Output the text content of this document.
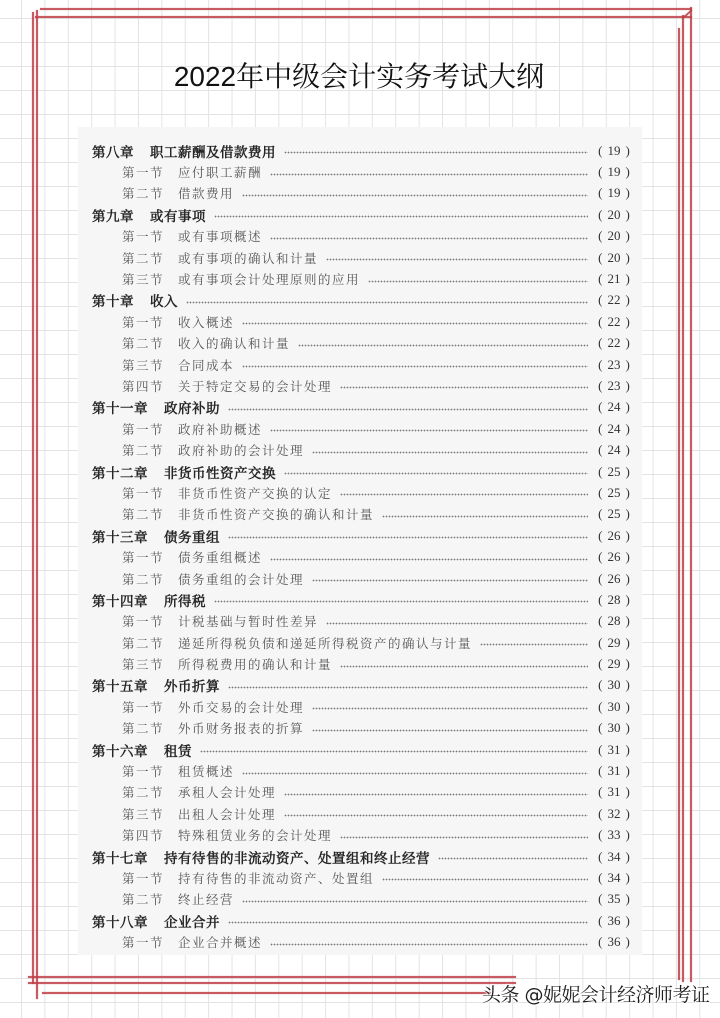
2022年中级会计实务考试大纲
第八章 职工薪酬及借款费用	( 19 )
第一节 应付职工薪酬	( 19 )
第二节 借款费用	( 19 )
第九章 或有事项	( 20 )
第一节 或有事项概述	( 20 )
第二节 或有事项的确认和计量	( 20 )
第三节 或有事项会计处理原则的应用	( 21 )
第十章 收入	( 22 )
第一节 收入概述	( 22 )
第二节 收入的确认和计量	( 22 )
第三节 合同成本	( 23 )
第四节 关于特定交易的会计处理	( 23 )
第十一章 政府补助	( 24 )
第一节 政府补助概述	( 24 )
第二节 政府补助的会计处理	( 24 )
第十二章 非货币性资产交换	( 25 )
第一节 非货币性资产交换的认定	( 25 )
第二节 非货币性资产交换的确认和计量	( 25 )
第十三章 债务重组	( 26 )
第一节 债务重组概述	( 26 )
第二节 债务重组的会计处理	( 26 )
第十四章 所得税	( 28 )
第一节 计税基础与暂时性差异	( 28 )
第二节 递延所得税负债和递延所得税资产的确认与计量	( 29 )
第三节 所得税费用的确认和计量	( 29 )
第十五章 外币折算	( 30 )
第一节 外币交易的会计处理	( 30 )
第二节 外币财务报表的折算	( 30 )
第十六章 租赁	( 31 )
第一节 租赁概述	( 31 )
第二节 承租人会计处理	( 31 )
第三节 出租人会计处理	( 32 )
第四节 特殊租赁业务的会计处理	( 33 )
第十七章 持有待售的非流动资产、处置组和终止经营	( 34 )
第一节 持有待售的非流动资产、处置组	( 34 )
第二节 终止经营	( 35 )
第十八章 企业合并	( 36 )
第一节 企业合并概述	( 36 )
头条 @妮妮会计经济师考证
